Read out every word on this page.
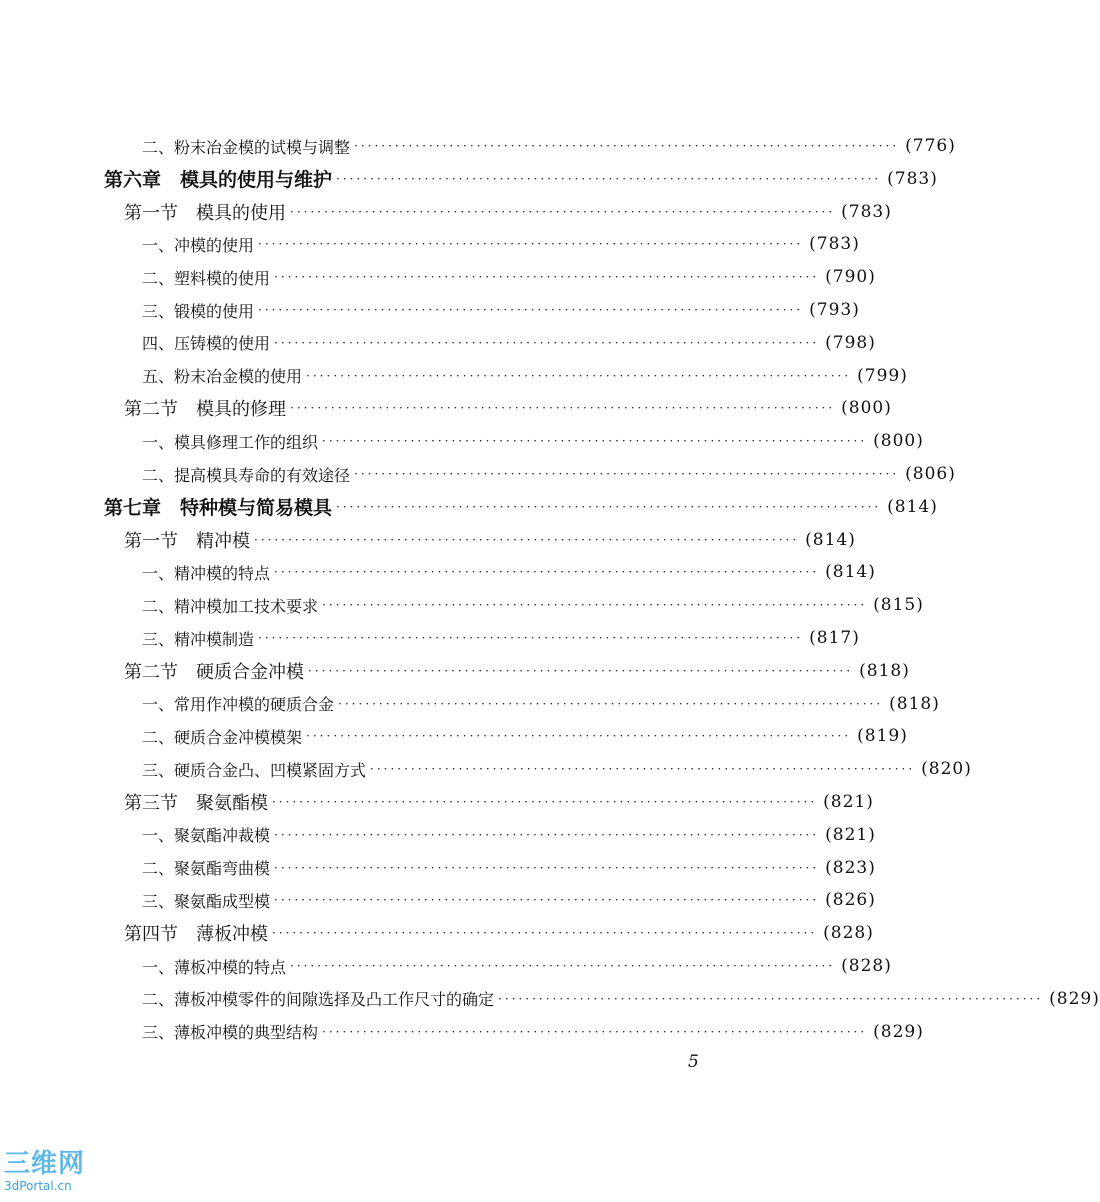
二、粉末冶金模的试模与调整 ················································································ (776)
第六章　模具的使用与维护 ················································································ (783)
第一节　模具的使用 ················································································ (783)
一、冲模的使用 ················································································ (783)
二、塑料模的使用 ················································································ (790)
三、锻模的使用 ················································································ (793)
四、压铸模的使用 ················································································ (798)
五、粉末冶金模的使用 ················································································ (799)
第二节　模具的修理 ················································································ (800)
一、模具修理工作的组织 ················································································ (800)
二、提高模具寿命的有效途径 ················································································ (806)
第七章　特种模与简易模具 ················································································ (814)
第一节　精冲模 ················································································ (814)
一、精冲模的特点 ················································································ (814)
二、精冲模加工技术要求 ················································································ (815)
三、精冲模制造 ················································································ (817)
第二节　硬质合金冲模 ················································································ (818)
一、常用作冲模的硬质合金 ················································································ (818)
二、硬质合金冲模模架 ················································································ (819)
三、硬质合金凸、凹模紧固方式 ················································································ (820)
第三节　聚氨酯模 ················································································ (821)
一、聚氨酯冲裁模 ················································································ (821)
二、聚氨酯弯曲模 ················································································ (823)
三、聚氨酯成型模 ················································································ (826)
第四节　薄板冲模 ················································································ (828)
一、薄板冲模的特点 ················································································ (828)
二、薄板冲模零件的间隙选择及凸工作尺寸的确定 ················································································ (829)
三、薄板冲模的典型结构 ················································································ (829)
5
三维网
3dPortal.cn
